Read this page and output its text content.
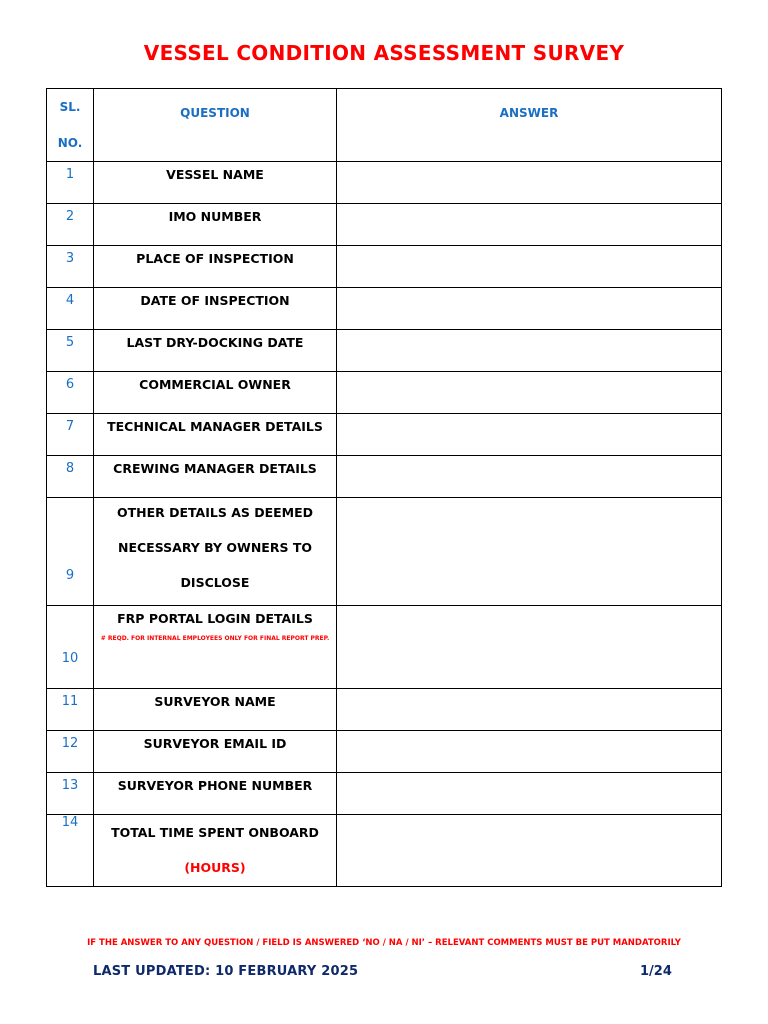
VESSEL CONDITION ASSESSMENT SURVEY
SL.
NO.	QUESTION	ANSWER
1	VESSEL NAME	
2	IMO NUMBER	
3	PLACE OF INSPECTION	
4	DATE OF INSPECTION	
5	LAST DRY-DOCKING DATE	
6	COMMERCIAL OWNER	
7	TECHNICAL MANAGER DETAILS	
8	CREWING MANAGER DETAILS	
9	OTHER DETAILS AS DEEMED
NECESSARY BY OWNERS TO
DISCLOSE	

10	FRP PORTAL LOGIN DETAILS
# REQD. FOR INTERNAL EMPLOYEES ONLY FOR FINAL REPORT PREP.	

11	SURVEYOR NAME	
12	SURVEYOR EMAIL ID	
13	SURVEYOR PHONE NUMBER	
14	TOTAL TIME SPENT ONBOARD
(HOURS)	
IF THE ANSWER TO ANY QUESTION / FIELD IS ANSWERED ‘NO / NA / NI’ – RELEVANT COMMENTS MUST BE PUT MANDATORILY
LAST UPDATED: 10 FEBRUARY 2025	1/24
